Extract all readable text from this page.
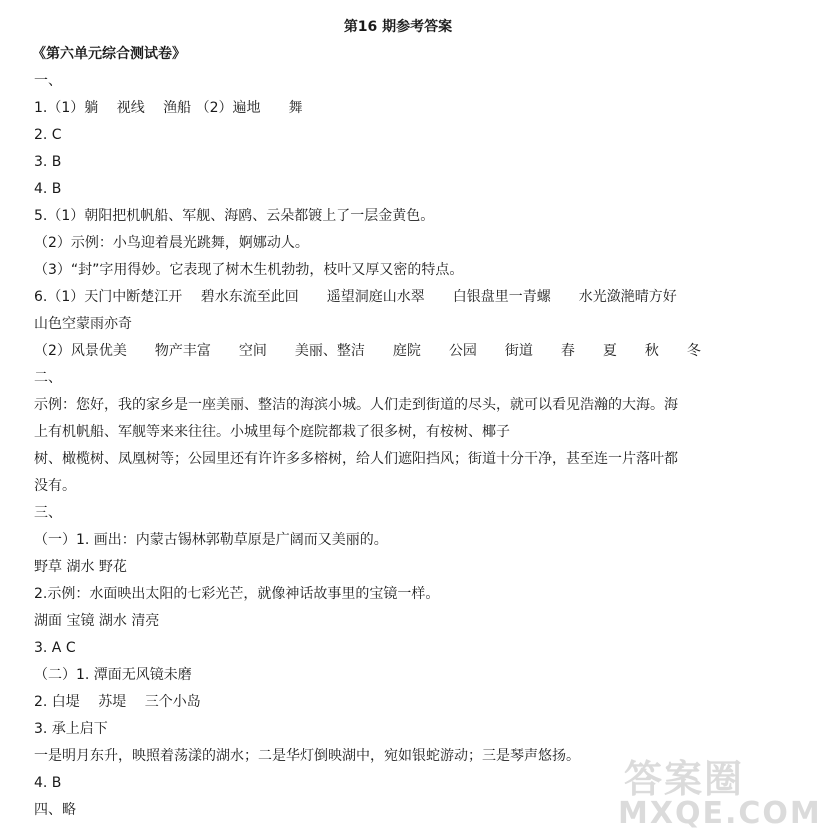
第16 期参考答案
《第六单元综合测试卷》
一、
1.（1）躺　 视线　 渔船 （2）遍地　　舞
2. C
3. B
4. B
5.（1）朝阳把机帆船、军舰、海鸥、云朵都镀上了一层金黄色。
（2）示例：小鸟迎着晨光跳舞，婀娜动人。
（3）“封”字用得妙。它表现了树木生机勃勃，枝叶又厚又密的特点。
6.（1）天门中断楚江开　 碧水东流至此回　　遥望洞庭山水翠　　白银盘里一青螺　　水光潋滟晴方好
山色空蒙雨亦奇
（2）风景优美　　物产丰富　　空间　　美丽、整洁　　庭院　　公园　　街道　　春　　夏　　秋　　冬
二、
示例：您好，我的家乡是一座美丽、整洁的海滨小城。人们走到街道的尽头，就可以看见浩瀚的大海。海
上有机帆船、军舰等来来往往。小城里每个庭院都栽了很多树，有桉树、椰子
树、橄榄树、凤凰树等；公园里还有许许多多榕树，给人们遮阳挡风；街道十分干净，甚至连一片落叶都
没有。
三、
（一）1. 画出：内蒙古锡林郭勒草原是广阔而又美丽的。
野草 湖水 野花
2.示例：水面映出太阳的七彩光芒，就像神话故事里的宝镜一样。
湖面 宝镜 湖水 清亮
3. A C
（二）1. 潭面无风镜未磨
2. 白堤　 苏堤　 三个小岛
3. 承上启下
一是明月东升，映照着荡漾的湖水；二是华灯倒映湖中，宛如银蛇游动；三是琴声悠扬。
4. B
四、略
答案圈
MXQE.COM
